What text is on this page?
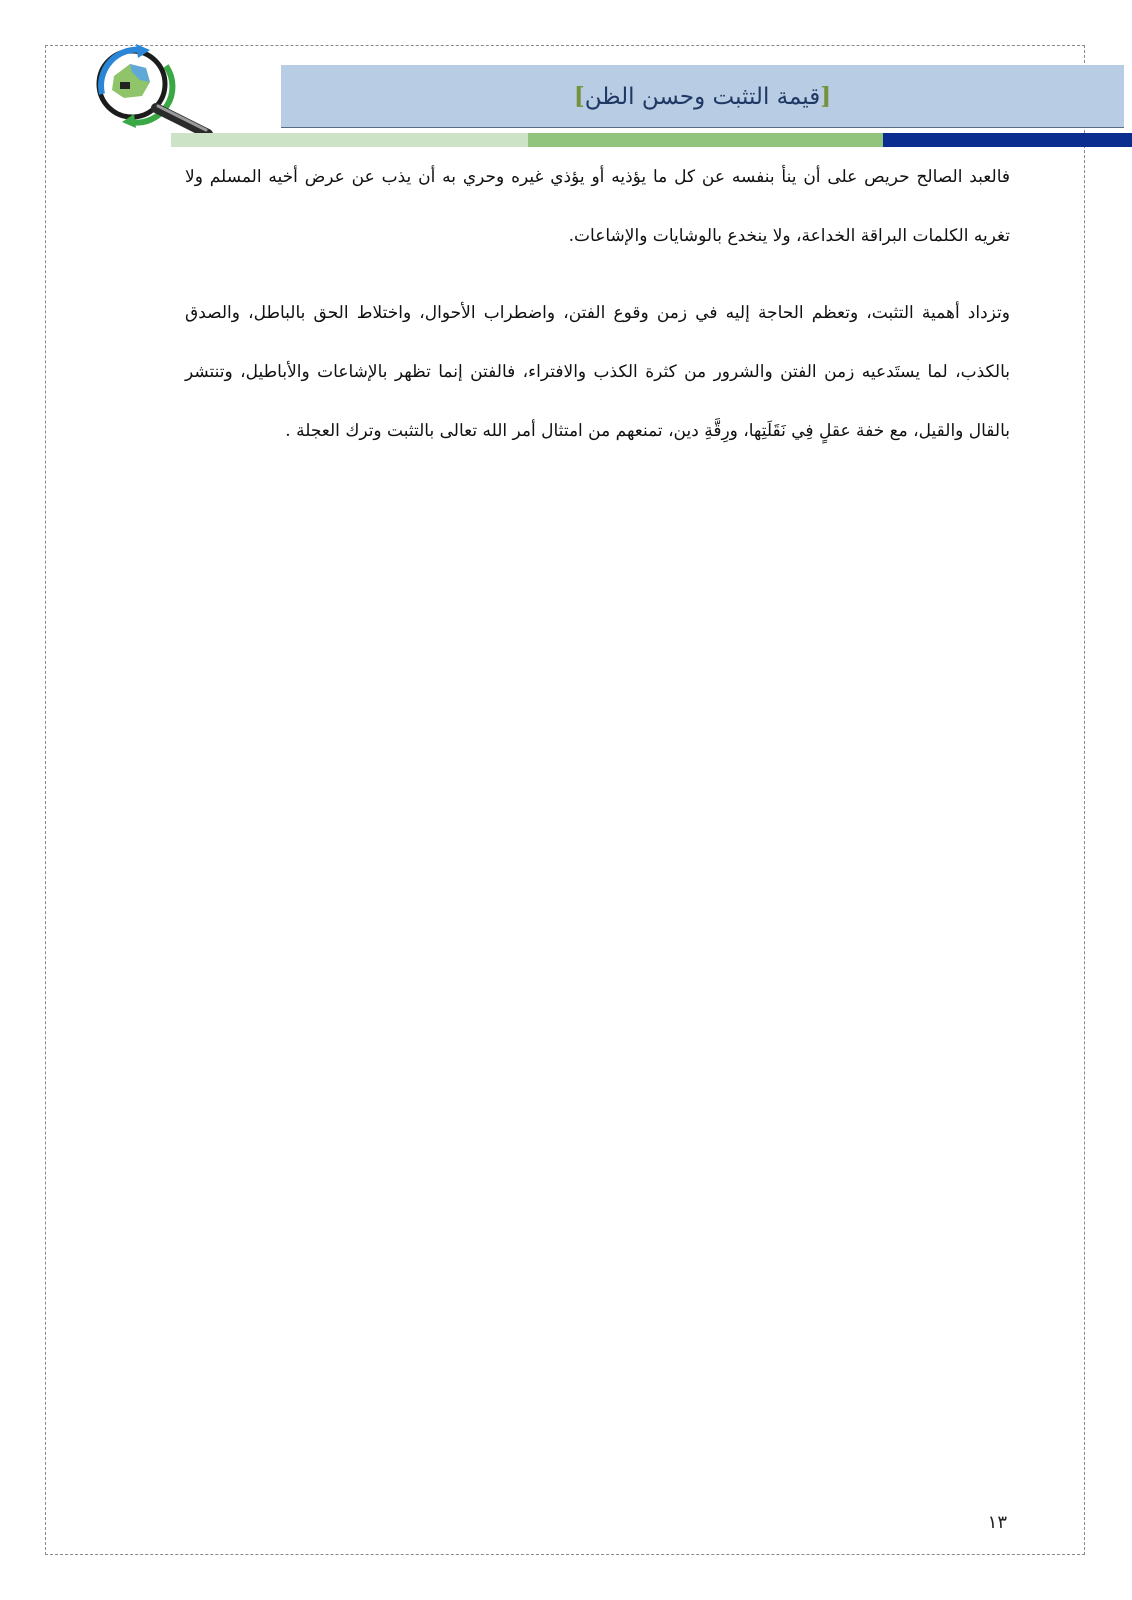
[قيمة التثبت وحسن الظن]

فالعبد الصالح حريص على أن ينأ بنفسه عن كل ما يؤذيه أو يؤذي غيره وحري به أن يذب عن عرض أخيه المسلم ولا تغريه الكلمات البراقة الخداعة، ولا ينخدع بالوشايات والإشاعات.

وتزداد أهمية التثبت، وتعظم الحاجة إليه في زمن وقوع الفتن، واضطراب الأحوال، واختلاط الحق بالباطل، والصدق بالكذب، لما يستَدعيه زمن الفتن والشرور من كثرة الكذب والافتراء، فالفتن إنما تظهر بالإشاعات والأباطيل، وتنتشر بالقال والقيل، مع خفة عقلٍ فِي نَقَلَتِها، ورِقَّةِ دين، تمنعهم من امتثال أمر الله تعالى بالتثبت وترك العجلة .

١٣
